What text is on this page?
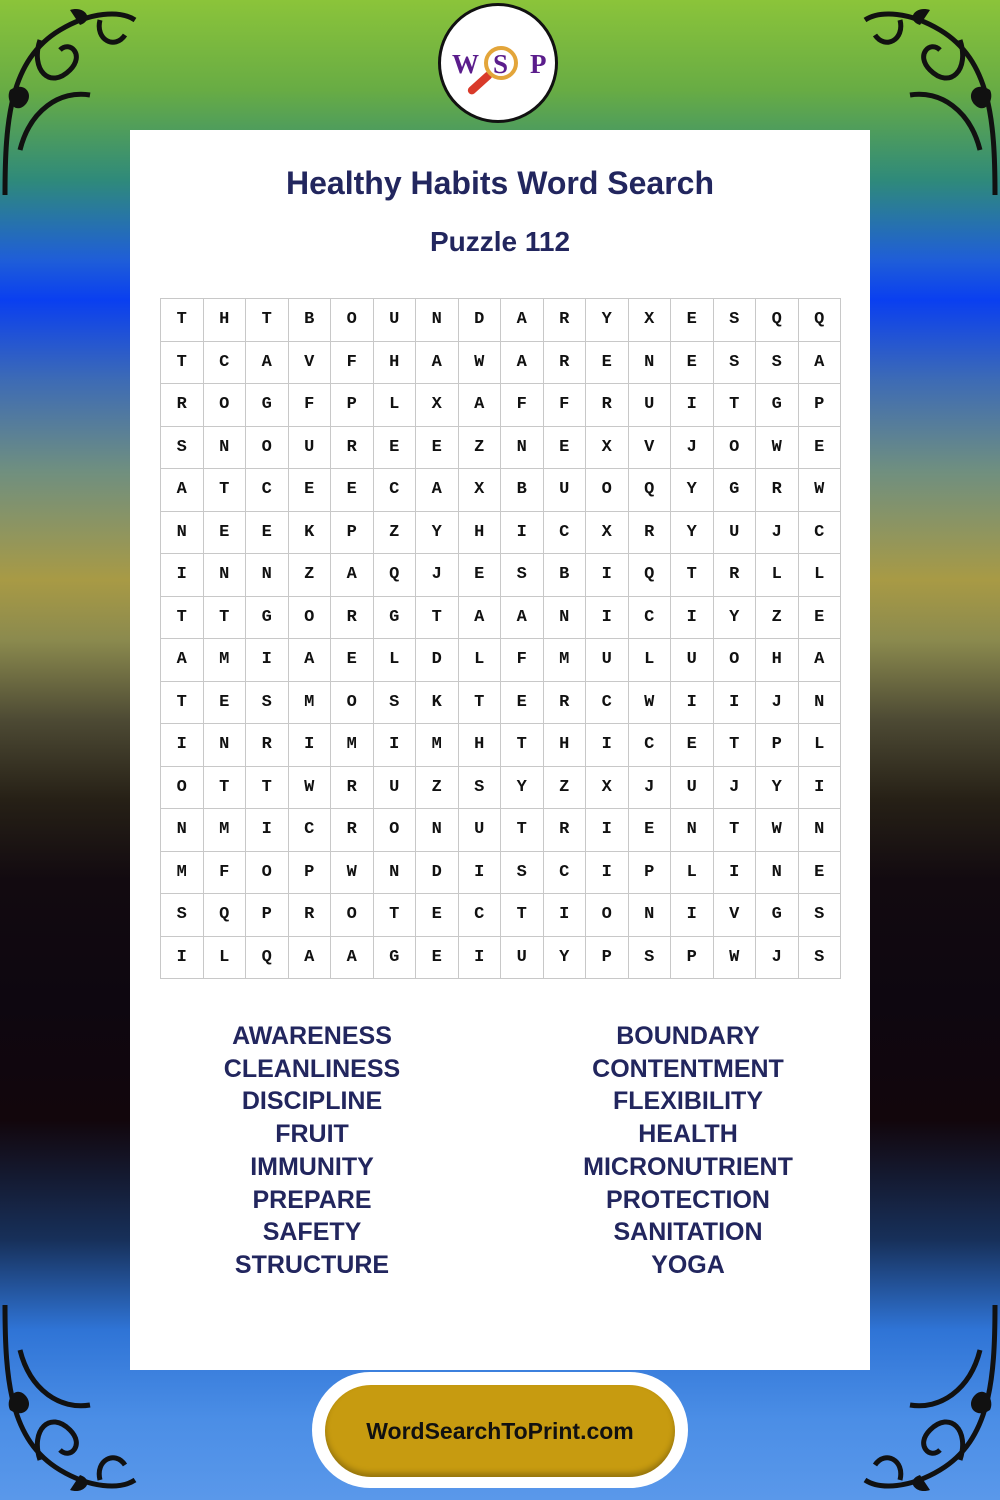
W S P
Healthy Habits Word Search
Puzzle 112
T	H	T	B	O	U	N	D	A	R	Y	X	E	S	Q	Q
T	C	A	V	F	H	A	W	A	R	E	N	E	S	S	A
R	O	G	F	P	L	X	A	F	F	R	U	I	T	G	P
S	N	O	U	R	E	E	Z	N	E	X	V	J	O	W	E
A	T	C	E	E	C	A	X	B	U	O	Q	Y	G	R	W
N	E	E	K	P	Z	Y	H	I	C	X	R	Y	U	J	C
I	N	N	Z	A	Q	J	E	S	B	I	Q	T	R	L	L
T	T	G	O	R	G	T	A	A	N	I	C	I	Y	Z	E
A	M	I	A	E	L	D	L	F	M	U	L	U	O	H	A
T	E	S	M	O	S	K	T	E	R	C	W	I	I	J	N
I	N	R	I	M	I	M	H	T	H	I	C	E	T	P	L
O	T	T	W	R	U	Z	S	Y	Z	X	J	U	J	Y	I
N	M	I	C	R	O	N	U	T	R	I	E	N	T	W	N
M	F	O	P	W	N	D	I	S	C	I	P	L	I	N	E
S	Q	P	R	O	T	E	C	T	I	O	N	I	V	G	S
I	L	Q	A	A	G	E	I	U	Y	P	S	P	W	J	S
AWARENESS
CLEANLINESS
DISCIPLINE
FRUIT
IMMUNITY
PREPARE
SAFETY
STRUCTURE
BOUNDARY
CONTENTMENT
FLEXIBILITY
HEALTH
MICRONUTRIENT
PROTECTION
SANITATION
YOGA
WordSearchToPrint.com
